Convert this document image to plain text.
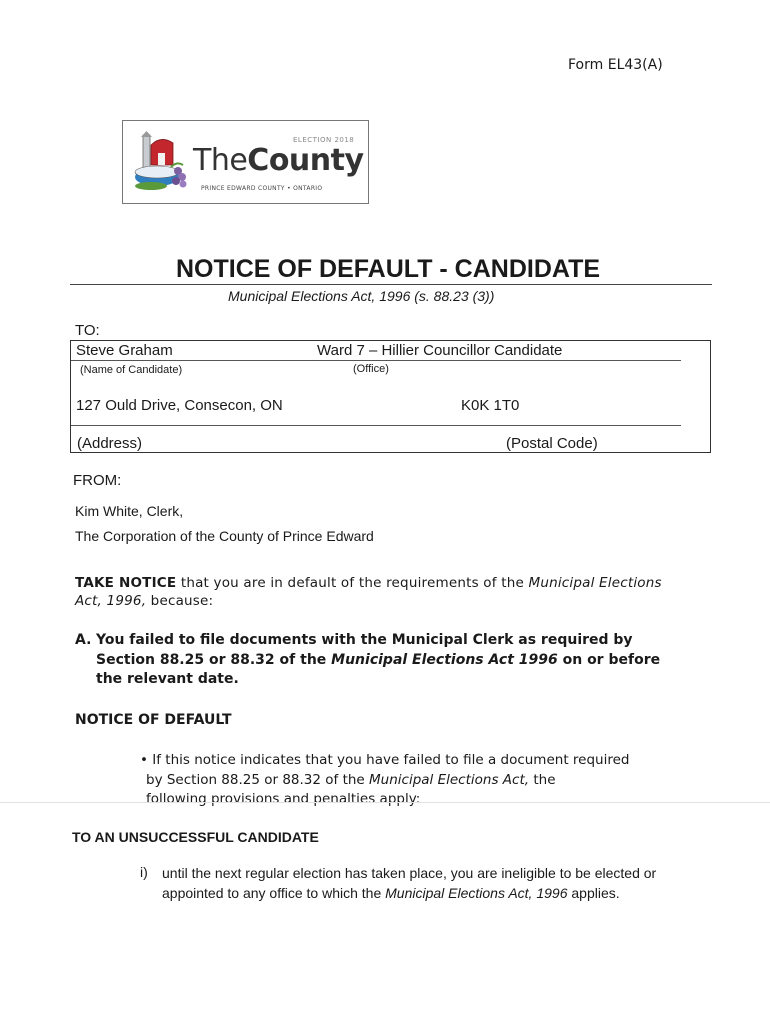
Form EL43(A)
ELECTION 2018
TheCounty
PRINCE EDWARD COUNTY • ONTARIO
NOTICE OF DEFAULT - CANDIDATE
Municipal Elections Act, 1996 (s. 88.23 (3))
TO:
Steve Graham	Ward 7 – Hillier Councillor Candidate
(Name of Candidate)	(Office)
127 Ould Drive, Consecon, ON	K0K 1T0
(Address)	(Postal Code)
FROM:
Kim White, Clerk,
The Corporation of the County of Prince Edward
TAKE NOTICE that you are in default of the requirements of the Municipal Elections Act, 1996, because:
A. You failed to file documents with the Municipal Clerk as required by Section 88.25 or 88.32 of the Municipal Elections Act 1996 on or before the relevant date.
NOTICE OF DEFAULT
• If this notice indicates that you have failed to file a document required
by Section 88.25 or 88.32 of the Municipal Elections Act, the
following provisions and penalties apply:
TO AN UNSUCCESSFUL CANDIDATE
i) until the next regular election has taken place, you are ineligible to be elected or appointed to any office to which the Municipal Elections Act, 1996 applies.
